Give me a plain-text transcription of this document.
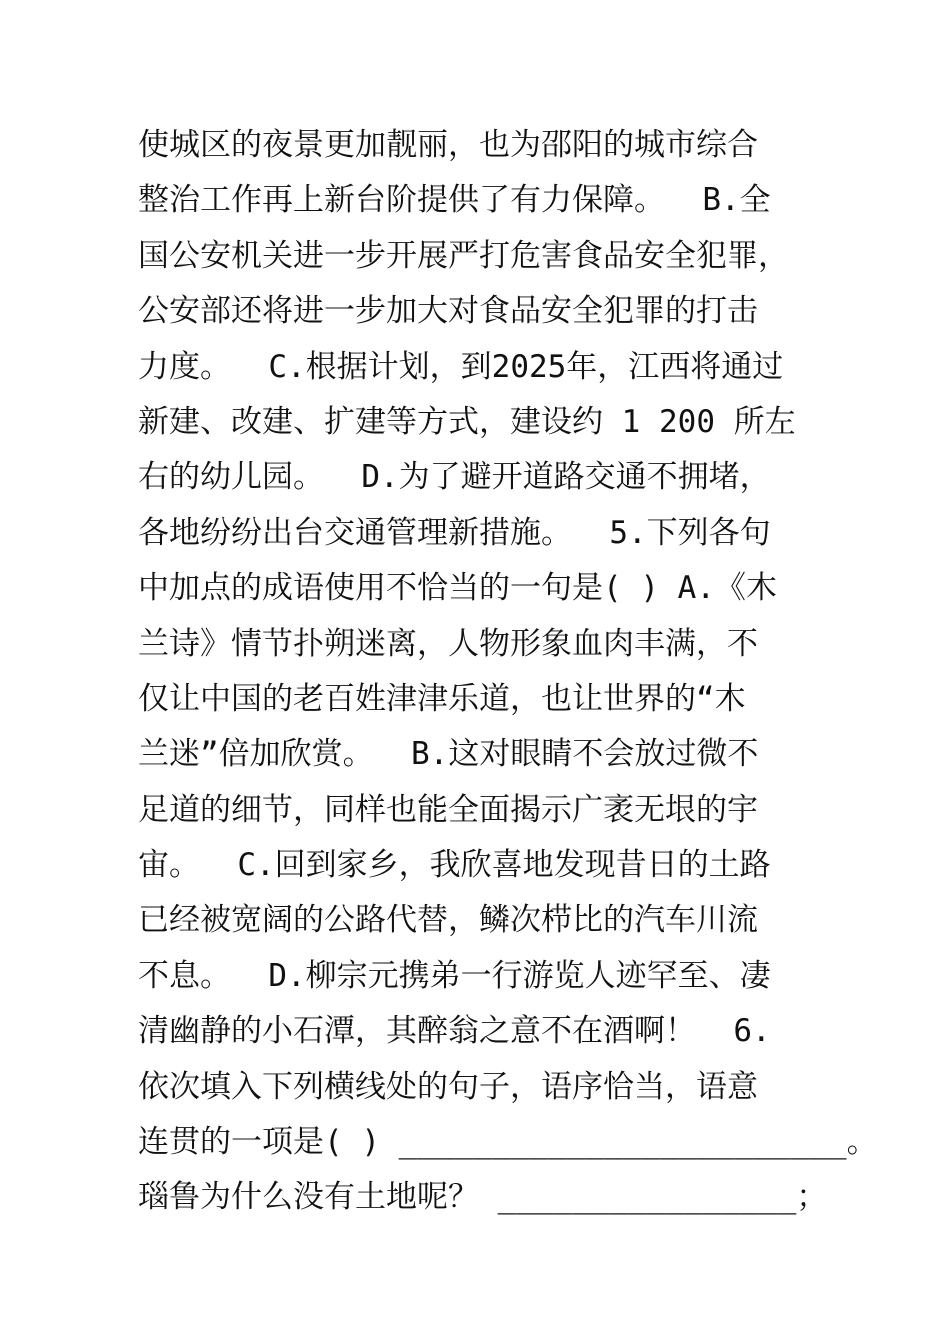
使城区的夜景更加靓丽，也为邵阳的城市综合
整治工作再上新台阶提供了有力保障。  B.全
国公安机关进一步开展严打危害食品安全犯罪，
公安部还将进一步加大对食品安全犯罪的打击
力度。  C.根据计划，到2025年，江西将通过
新建、改建、扩建等方式，建设约 1 200 所左
右的幼儿园。  D.为了避开道路交通不拥堵，
各地纷纷出台交通管理新措施。  5.下列各句
中加点的成语使用不恰当的一句是( ) A.《木
兰诗》情节扑朔迷离，人物形象血肉丰满，不
仅让中国的老百姓津津乐道，也让世界的“木
兰迷”倍加欣赏。  B.这对眼睛不会放过微不
足道的细节，同样也能全面揭示广袤无垠的宇
宙。  C.回到家乡，我欣喜地发现昔日的土路
已经被宽阔的公路代替，鳞次栉比的汽车川流
不息。  D.柳宗元携弟一行游览人迹罕至、凄
清幽静的小石潭，其醉翁之意不在酒啊！  6.
依次填入下列横线处的句子，语序恰当，语意
连贯的一项是( ) ________________________。
瑙鲁为什么没有土地呢？ ________________；
